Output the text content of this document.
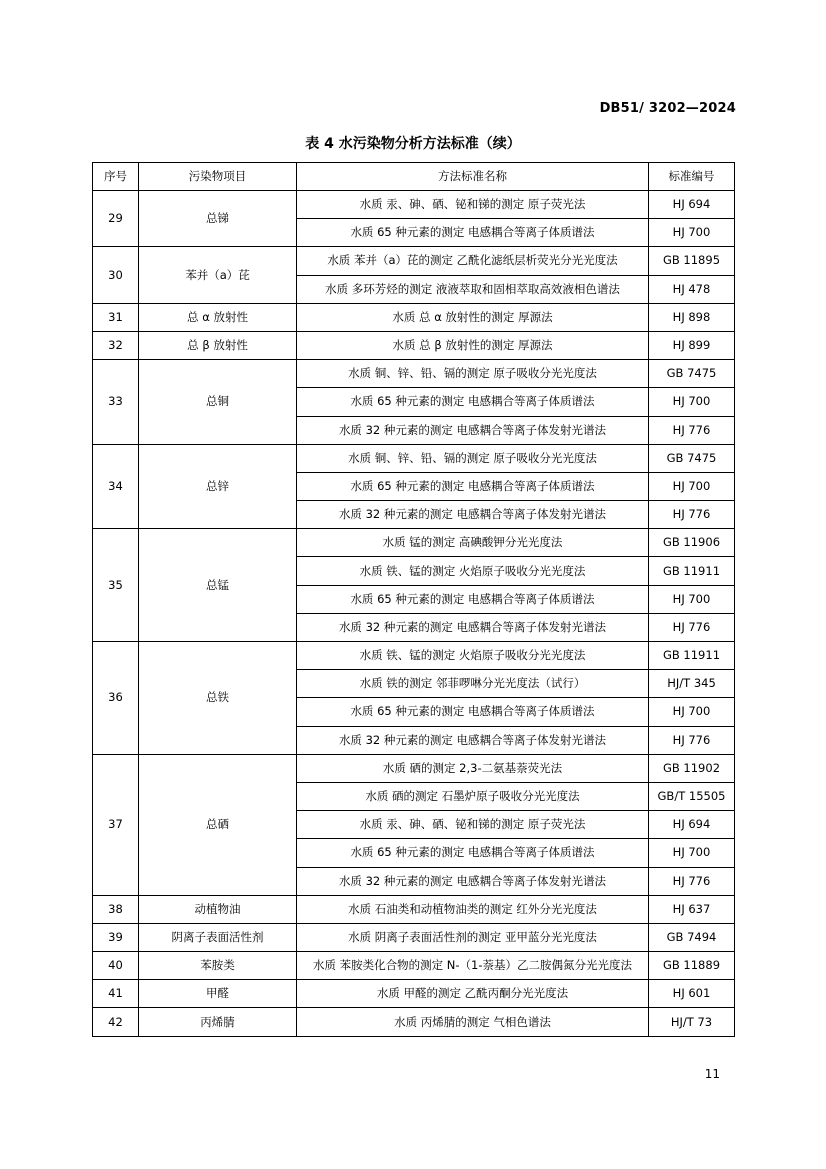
DB51/ 3202—2024
表 4 水污染物分析方法标准（续）
序号	污染物项目	方法标准名称	标准编号
29	总锑	水质 汞、砷、硒、铋和锑的测定 原子荧光法	HJ 694
		水质 65 种元素的测定 电感耦合等离子体质谱法	HJ 700
30	苯并（a）芘	水质 苯并（a）芘的测定 乙酰化滤纸层析荧光分光光度法	GB 11895
		水质 多环芳烃的测定 液液萃取和固相萃取高效液相色谱法	HJ 478
31	总 α 放射性	水质 总 α 放射性的测定 厚源法	HJ 898
32	总 β 放射性	水质 总 β 放射性的测定 厚源法	HJ 899
33	总铜	水质 铜、锌、铅、镉的测定 原子吸收分光光度法	GB 7475
		水质 65 种元素的测定 电感耦合等离子体质谱法	HJ 700
		水质 32 种元素的测定 电感耦合等离子体发射光谱法	HJ 776
34	总锌	水质 铜、锌、铅、镉的测定 原子吸收分光光度法	GB 7475
		水质 65 种元素的测定 电感耦合等离子体质谱法	HJ 700
		水质 32 种元素的测定 电感耦合等离子体发射光谱法	HJ 776
35	总锰	水质 锰的测定 高碘酸钾分光光度法	GB 11906
		水质 铁、锰的测定 火焰原子吸收分光光度法	GB 11911
		水质 65 种元素的测定 电感耦合等离子体质谱法	HJ 700
		水质 32 种元素的测定 电感耦合等离子体发射光谱法	HJ 776
36	总铁	水质 铁、锰的测定 火焰原子吸收分光光度法	GB 11911
		水质 铁的测定 邻菲啰啉分光光度法（试行）	HJ/T 345
		水质 65 种元素的测定 电感耦合等离子体质谱法	HJ 700
		水质 32 种元素的测定 电感耦合等离子体发射光谱法	HJ 776
37	总硒	水质 硒的测定 2,3-二氨基萘荧光法	GB 11902
		水质 硒的测定 石墨炉原子吸收分光光度法	GB/T 15505
		水质 汞、砷、硒、铋和锑的测定 原子荧光法	HJ 694
		水质 65 种元素的测定 电感耦合等离子体质谱法	HJ 700
		水质 32 种元素的测定 电感耦合等离子体发射光谱法	HJ 776
38	动植物油	水质 石油类和动植物油类的测定 红外分光光度法	HJ 637
39	阴离子表面活性剂	水质 阴离子表面活性剂的测定 亚甲蓝分光光度法	GB 7494
40	苯胺类	水质 苯胺类化合物的测定 N-（1-萘基）乙二胺偶氮分光光度法	GB 11889
41	甲醛	水质 甲醛的测定 乙酰丙酮分光光度法	HJ 601
42	丙烯腈	水质 丙烯腈的测定 气相色谱法	HJ/T 73
11
